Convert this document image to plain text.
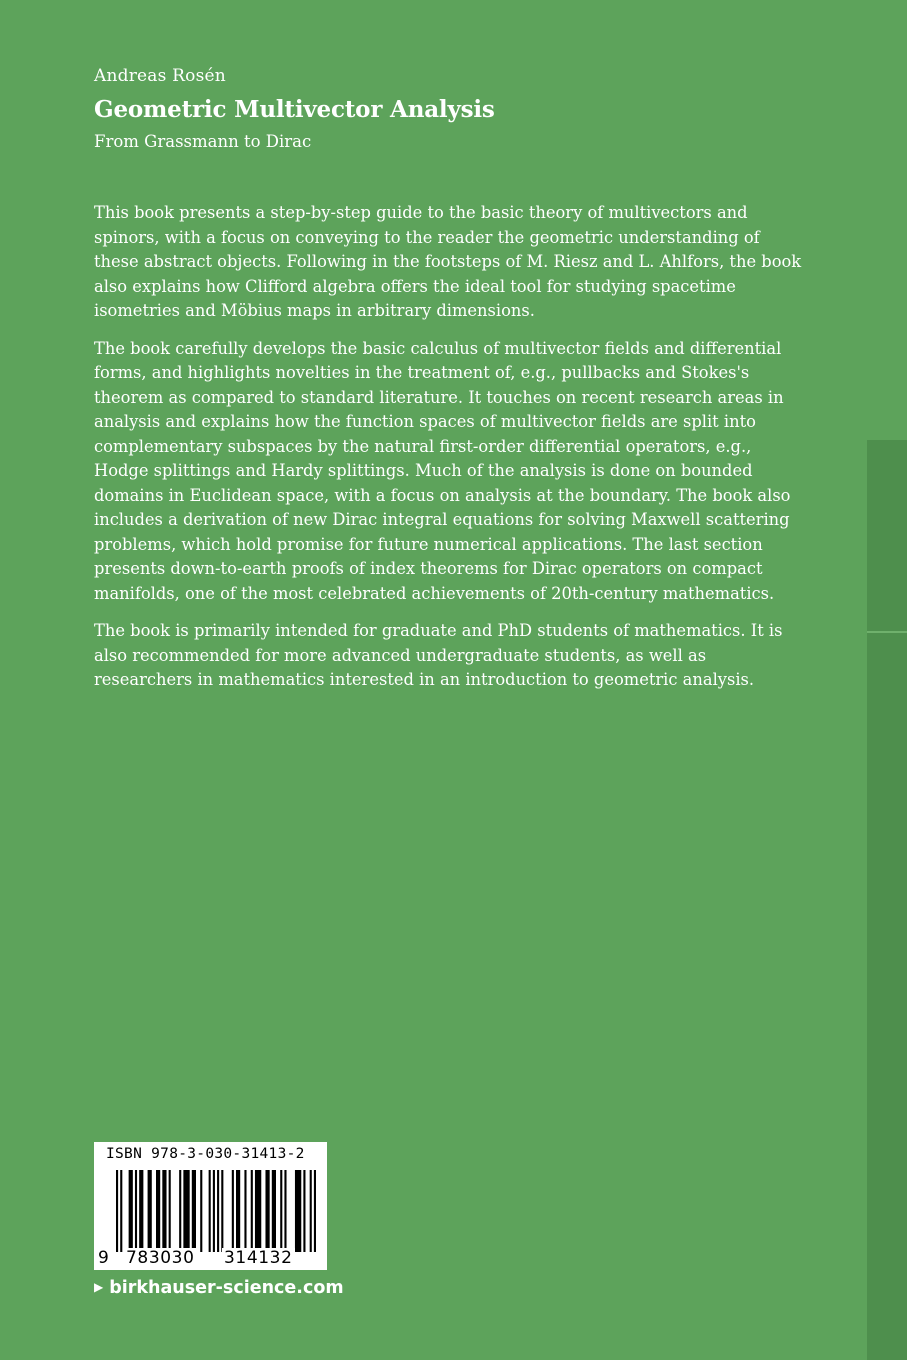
Andreas Rosén
Geometric Multivector Analysis
From Grassmann to Dirac

This book presents a step-by-step guide to the basic theory of multivectors and spinors, with a focus on conveying to the reader the geometric understanding of these abstract objects. Following in the footsteps of M. Riesz and L. Ahlfors, the book also explains how Clifford algebra offers the ideal tool for studying spacetime isometries and Möbius maps in arbitrary dimensions.

The book carefully develops the basic calculus of multivector fields and differential forms, and highlights novelties in the treatment of, e.g., pullbacks and Stokes's theorem as compared to standard literature. It touches on recent research areas in analysis and explains how the function spaces of multivector fields are split into complementary subspaces by the natural first-order differential operators, e.g., Hodge splittings and Hardy splittings. Much of the analysis is done on bounded domains in Euclidean space, with a focus on analysis at the boundary. The book also includes a derivation of new Dirac integral equations for solving Maxwell scattering problems, which hold promise for future numerical applications. The last section presents down-to-earth proofs of index theorems for Dirac operators on compact manifolds, one of the most celebrated achievements of 20th-century mathematics.

The book is primarily intended for graduate and PhD students of mathematics. It is also recommended for more advanced undergraduate students, as well as researchers in mathematics interested in an introduction to geometric analysis.

ISBN 978-3-030-31413-2
9 783030 314132
▶ birkhauser-science.com
